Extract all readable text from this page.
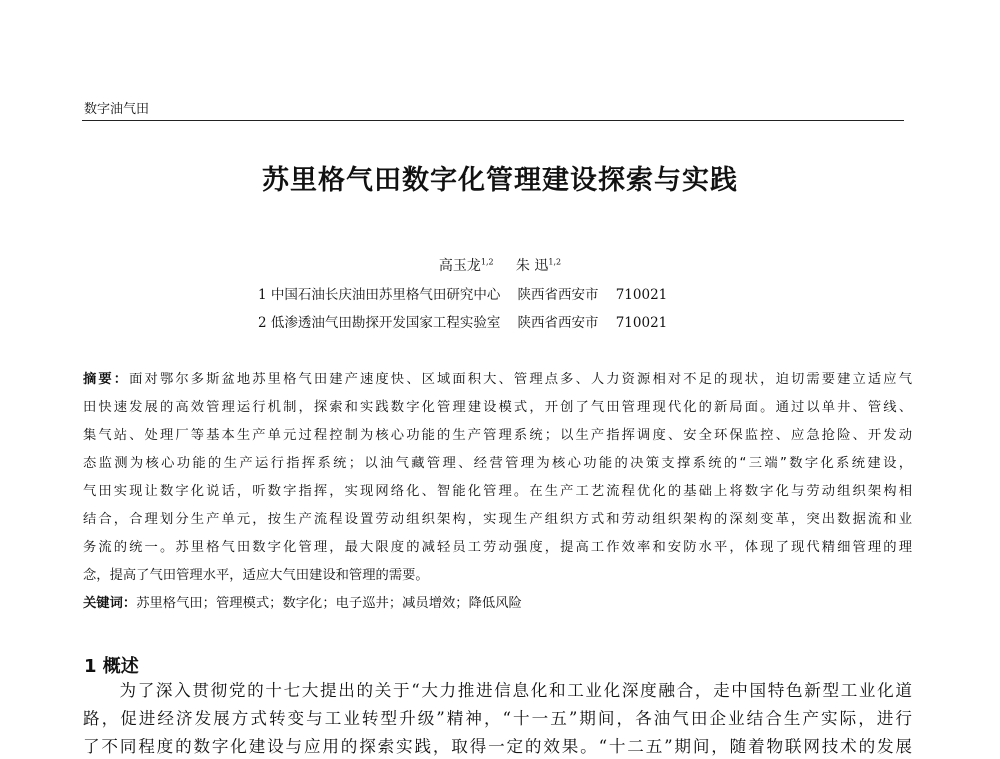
数字油气田
苏里格气田数字化管理建设探索与实践
高玉龙$^{1,2}$ 朱 迅$^{1,2}$
1 中国石油长庆油田苏里格气田研究中心    陕西省西安市    710021
2 低渗透油气田勘探开发国家工程实验室    陕西省西安市    710021
摘要：面对鄂尔多斯盆地苏里格气田建产速度快、区域面积大、管理点多、人力资源相对不足的现状，迫切需要建立适应气
田快速发展的高效管理运行机制，探索和实践数字化管理建设模式，开创了气田管理现代化的新局面。通过以单井、管线、
集气站、处理厂等基本生产单元过程控制为核心功能的生产管理系统；以生产指挥调度、安全环保监控、应急抢险、开发动
态监测为核心功能的生产运行指挥系统；以油气藏管理、经营管理为核心功能的决策支撑系统的“三端”数字化系统建设，
气田实现让数字化说话，听数字指挥，实现网络化、智能化管理。在生产工艺流程优化的基础上将数字化与劳动组织架构相
结合，合理划分生产单元，按生产流程设置劳动组织架构，实现生产组织方式和劳动组织架构的深刻变革，突出数据流和业
务流的统一。苏里格气田数字化管理，最大限度的减轻员工劳动强度，提高工作效率和安防水平，体现了现代精细管理的理
念，提高了气田管理水平，适应大气田建设和管理的需要。
关键词：苏里格气田；管理模式；数字化；电子巡井；减员增效；降低风险
1 概述
　　为了深入贯彻党的十七大提出的关于“大力推进信息化和工业化深度融合，走中国特色新型工业化道
路，促进经济发展方式转变与工业转型升级”精神，“十一五”期间，各油气田企业结合生产实际，进行
了不同程度的数字化建设与应用的探索实践，取得一定的效果。“十二五”期间，随着物联网技术的发展
